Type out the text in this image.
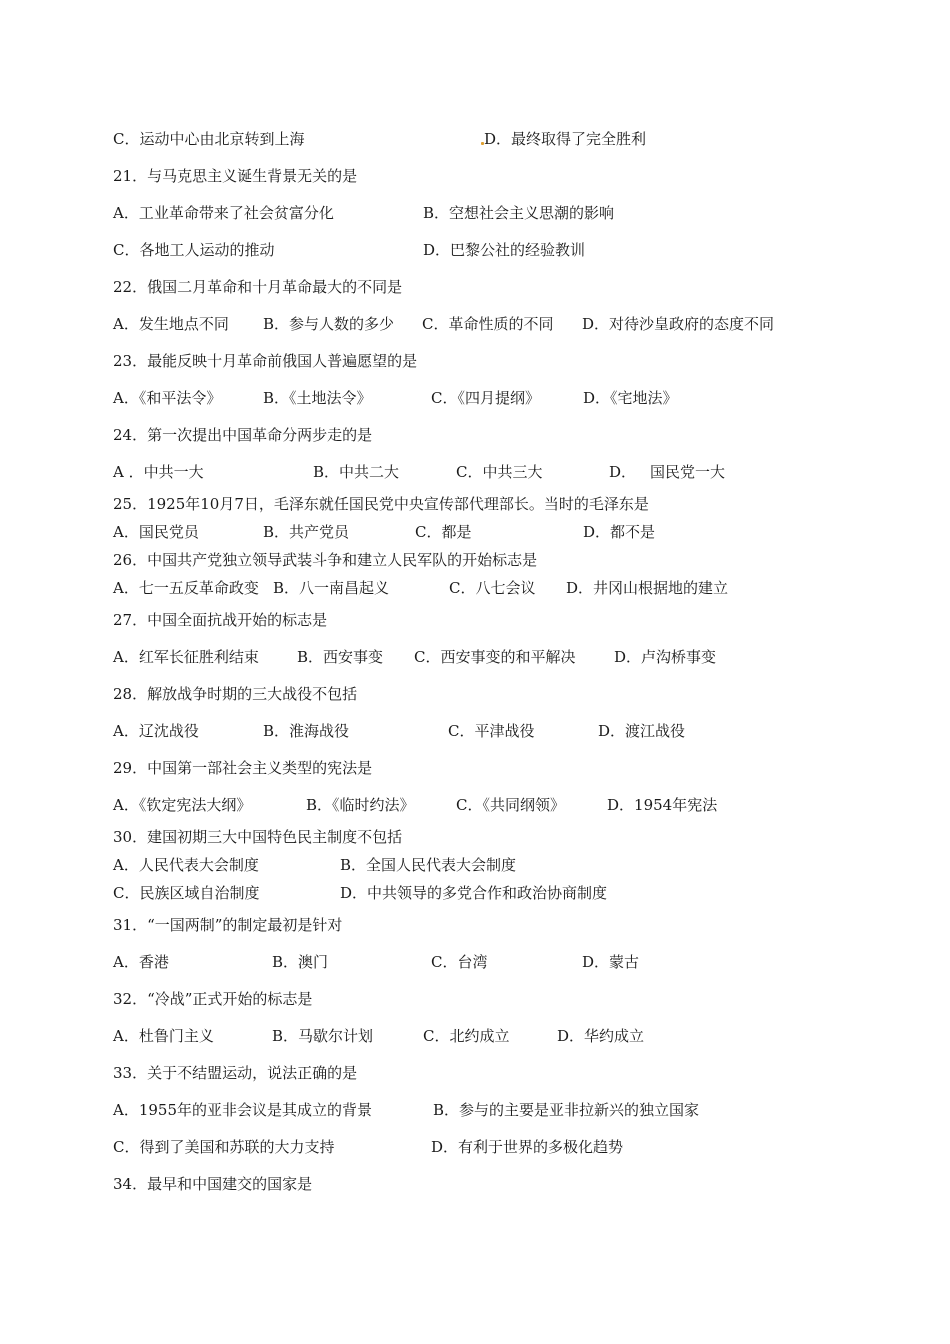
C．运动中心由北京转到上海	D．最终取得了完全胜利
21．与马克思主义诞生背景无关的是
A．工业革命带来了社会贫富分化	B．空想社会主义思潮的影响
C．各地工人运动的推动	D．巴黎公社的经验教训
22．俄国二月革命和十月革命最大的不同是
A．发生地点不同 B．参与人数的多少 C．革命性质的不同 D．对待沙皇政府的态度不同
23．最能反映十月革命前俄国人普遍愿望的是
A．《和平法令》	B．《土地法令》	C．《四月提纲》	D．《宅地法》
24．第一次提出中国革命分两步走的是
A ．中共一大	B．中共二大	C．中共三大	D． 国民党一大
25．1925年10月7日，毛泽东就任国民党中央宣传部代理部长。当时的毛泽东是
A．国民党员	B．共产党员	C．都是	D．都不是
26．中国共产党独立领导武装斗争和建立人民军队的开始标志是
A．七一五反革命政变 B．八一南昌起义	C．八七会议 D．井冈山根据地的建立
27．中国全面抗战开始的标志是
A．红军长征胜利结束	B．西安事变 C．西安事变的和平解决	D．卢沟桥事变
28．解放战争时期的三大战役不包括
A．辽沈战役	B．淮海战役	C．平津战役	D．渡江战役
29．中国第一部社会主义类型的宪法是
A．《钦定宪法大纲》	B．《临时约法》	C．《共同纲领》	D．1954年宪法
30．建国初期三大中国特色民主制度不包括
A．人民代表大会制度	B．全国人民代表大会制度
C．民族区域自治制度	D．中共领导的多党合作和政治协商制度
31．“一国两制”的制定最初是针对
A．香港	B．澳门	C．台湾	D．蒙古
32．“冷战”正式开始的标志是
A．杜鲁门主义	B．马歇尔计划	C．北约成立	D．华约成立
33．关于不结盟运动，说法正确的是
A．1955年的亚非会议是其成立的背景	B．参与的主要是亚非拉新兴的独立国家
C．得到了美国和苏联的大力支持	D．有利于世界的多极化趋势
34．最早和中国建交的国家是
